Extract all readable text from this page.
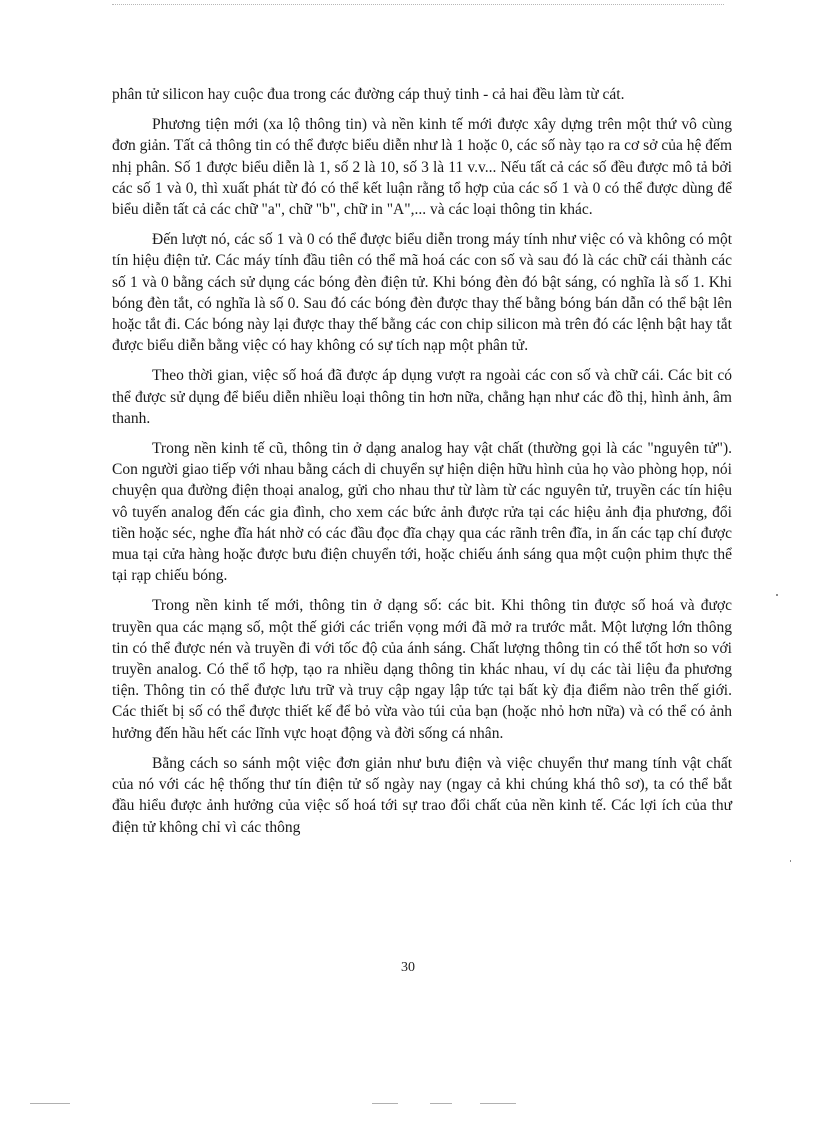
phân tử silicon hay cuộc đua trong các đường cáp thuỷ tinh - cả hai đều làm từ cát.

Phương tiện mới (xa lộ thông tin) và nền kinh tế mới được xây dựng trên một thứ vô cùng đơn giản. Tất cả thông tin có thể được biểu diễn như là 1 hoặc 0, các số này tạo ra cơ sở của hệ đếm nhị phân. Số 1 được biểu diễn là 1, số 2 là 10, số 3 là 11 v.v... Nếu tất cả các số đều được mô tả bởi các số 1 và 0, thì xuất phát từ đó có thể kết luận rằng tổ hợp của các số 1 và 0 có thể được dùng để biểu diễn tất cả các chữ "a", chữ "b", chữ in "A",... và các loại thông tin khác.

Đến lượt nó, các số 1 và 0 có thể được biểu diễn trong máy tính như việc có và không có một tín hiệu điện tử. Các máy tính đầu tiên có thể mã hoá các con số và sau đó là các chữ cái thành các số 1 và 0 bằng cách sử dụng các bóng đèn điện tử. Khi bóng đèn đó bật sáng, có nghĩa là số 1. Khi bóng đèn tắt, có nghĩa là số 0. Sau đó các bóng đèn được thay thế bằng bóng bán dẫn có thể bật lên hoặc tắt đi. Các bóng này lại được thay thế bằng các con chip silicon mà trên đó các lệnh bật hay tắt được biểu diễn bằng việc có hay không có sự tích nạp một phân tử.

Theo thời gian, việc số hoá đã được áp dụng vượt ra ngoài các con số và chữ cái. Các bit có thể được sử dụng để biểu diễn nhiều loại thông tin hơn nữa, chẳng hạn như các đồ thị, hình ảnh, âm thanh.

Trong nền kinh tế cũ, thông tin ở dạng analog hay vật chất (thường gọi là các "nguyên tử"). Con người giao tiếp với nhau bằng cách di chuyển sự hiện diện hữu hình của họ vào phòng họp, nói chuyện qua đường điện thoại analog, gửi cho nhau thư từ làm từ các nguyên tử, truyền các tín hiệu vô tuyến analog đến các gia đình, cho xem các bức ảnh được rửa tại các hiệu ảnh địa phương, đổi tiền hoặc séc, nghe đĩa hát nhờ có các đầu đọc đĩa chạy qua các rãnh trên đĩa, in ấn các tạp chí được mua tại cửa hàng hoặc được bưu điện chuyển tới, hoặc chiếu ánh sáng qua một cuộn phim thực thể tại rạp chiếu bóng.

Trong nền kinh tế mới, thông tin ở dạng số: các bit. Khi thông tin được số hoá và được truyền qua các mạng số, một thế giới các triển vọng mới đã mở ra trước mắt. Một lượng lớn thông tin có thể được nén và truyền đi với tốc độ của ánh sáng. Chất lượng thông tin có thể tốt hơn so với truyền analog. Có thể tổ hợp, tạo ra nhiều dạng thông tin khác nhau, ví dụ các tài liệu đa phương tiện. Thông tin có thể được lưu trữ và truy cập ngay lập tức tại bất kỳ địa điểm nào trên thế giới. Các thiết bị số có thể được thiết kế để bỏ vừa vào túi của bạn (hoặc nhỏ hơn nữa) và có thể có ảnh hưởng đến hầu hết các lĩnh vực hoạt động và đời sống cá nhân.

Bằng cách so sánh một việc đơn giản như bưu điện và việc chuyển thư mang tính vật chất của nó với các hệ thống thư tín điện tử số ngày nay (ngay cả khi chúng khá thô sơ), ta có thể bắt đầu hiểu được ảnh hưởng của việc số hoá tới sự trao đổi chất của nền kinh tế. Các lợi ích của thư điện tử không chỉ vì các thông

30
